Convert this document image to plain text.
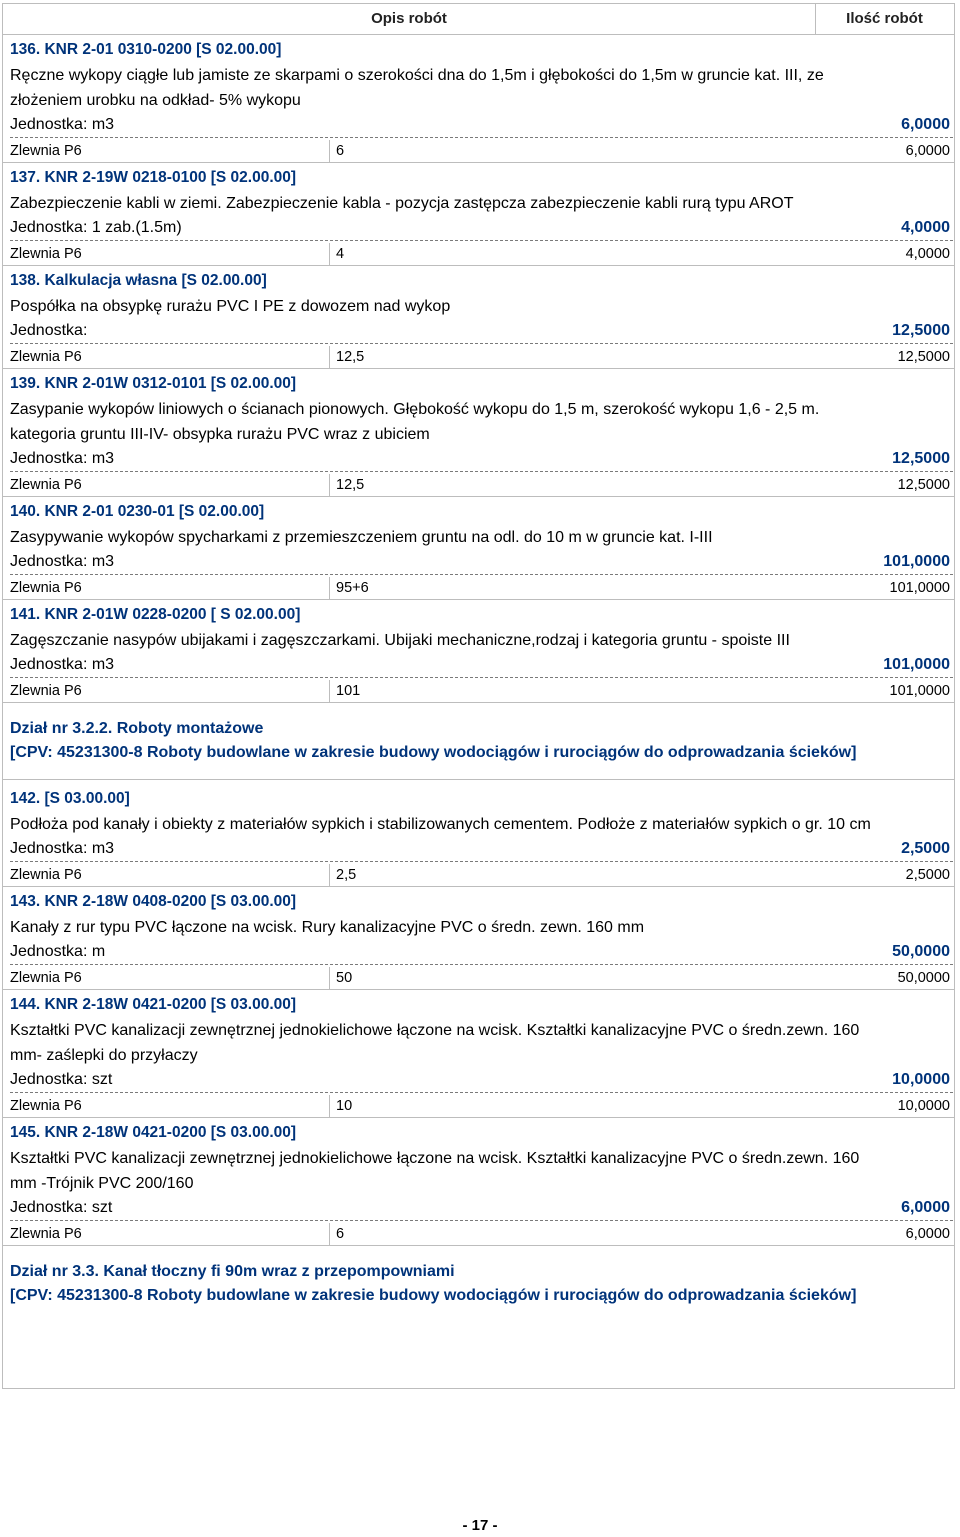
Opis robót	Ilość robót
136. KNR 2-01 0310-0200 [S 02.00.00]
Ręczne wykopy ciągłe lub jamiste ze skarpami o szerokości dna do 1,5m i głębokości do 1,5m w gruncie kat. III, ze
złożeniem urobku na odkład- 5% wykopu
Jednostka: m3	6,0000
Zlewnia P6	6	6,0000
137. KNR 2-19W 0218-0100 [S 02.00.00]
Zabezpieczenie kabli w ziemi. Zabezpieczenie kabla - pozycja zastępcza zabezpieczenie kabli rurą typu AROT
Jednostka: 1 zab.(1.5m)	4,0000
Zlewnia P6	4	4,0000
138. Kalkulacja własna [S 02.00.00]
Pospółka na obsypkę rurażu PVC I PE z dowozem nad wykop
Jednostka:	12,5000
Zlewnia P6	12,5	12,5000
139. KNR 2-01W 0312-0101 [S 02.00.00]
Zasypanie wykopów liniowych o ścianach pionowych. Głębokość wykopu do 1,5 m, szerokość wykopu 1,6 - 2,5 m.
kategoria gruntu III-IV- obsypka rurażu PVC wraz z ubiciem
Jednostka: m3	12,5000
Zlewnia P6	12,5	12,5000
140. KNR 2-01 0230-01 [S 02.00.00]
Zasypywanie wykopów spycharkami z przemieszczeniem gruntu na odl. do 10 m w gruncie kat. I-III
Jednostka: m3	101,0000
Zlewnia P6	95+6	101,0000
141. KNR 2-01W 0228-0200 [ S 02.00.00]
Zagęszczanie nasypów ubijakami i zagęszczarkami. Ubijaki mechaniczne,rodzaj i kategoria gruntu - spoiste III
Jednostka: m3	101,0000
Zlewnia P6	101	101,0000
Dział nr 3.2.2. Roboty montażowe
[CPV: 45231300-8 Roboty budowlane w zakresie budowy wodociągów i rurociągów do odprowadzania ścieków]
142. [S 03.00.00]
Podłoża pod kanały i obiekty z materiałów sypkich i stabilizowanych cementem. Podłoże z materiałów sypkich o gr. 10 cm
Jednostka: m3	2,5000
Zlewnia P6	2,5	2,5000
143. KNR 2-18W 0408-0200 [S 03.00.00]
Kanały z rur typu PVC łączone na wcisk. Rury kanalizacyjne PVC o średn. zewn. 160 mm
Jednostka: m	50,0000
Zlewnia P6	50	50,0000
144. KNR 2-18W 0421-0200 [S 03.00.00]
Kształtki PVC kanalizacji zewnętrznej jednokielichowe łączone na wcisk. Kształtki kanalizacyjne PVC o średn.zewn. 160
mm- zaślepki do przyłaczy
Jednostka: szt	10,0000
Zlewnia P6	10	10,0000
145. KNR 2-18W 0421-0200 [S 03.00.00]
Kształtki PVC kanalizacji zewnętrznej jednokielichowe łączone na wcisk. Kształtki kanalizacyjne PVC o średn.zewn. 160
mm -Trójnik PVC 200/160
Jednostka: szt	6,0000
Zlewnia P6	6	6,0000
Dział nr 3.3. Kanał tłoczny fi 90m wraz z przepompowniami
[CPV: 45231300-8 Roboty budowlane w zakresie budowy wodociągów i rurociągów do odprowadzania ścieków]
- 17 -
